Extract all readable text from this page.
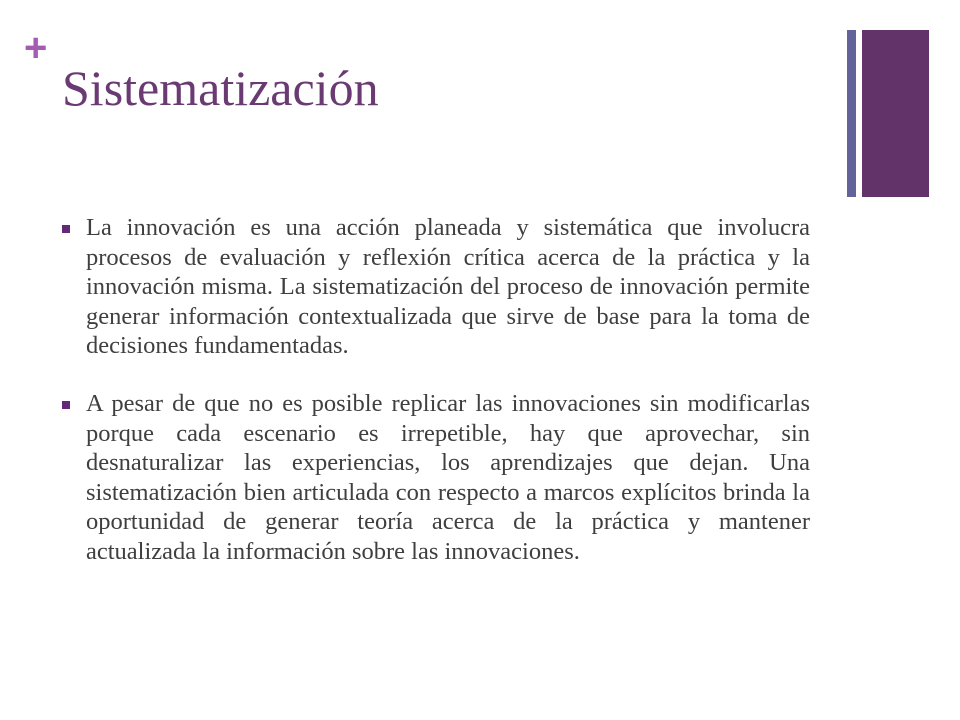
+
Sistematización
La innovación es una acción planeada y sistemática que involucra procesos de evaluación y reflexión crítica acerca de la práctica y la innovación misma. La sistematización del proceso de innovación permite generar información contextualizada que sirve de base para la toma de decisiones fundamentadas.
A pesar de que no es posible replicar las innovaciones sin modificarlas porque cada escenario es irrepetible, hay que aprovechar, sin desnaturalizar las experiencias, los aprendizajes que dejan. Una sistematización bien articulada con respecto a marcos explícitos brinda la oportunidad de generar teoría acerca de la práctica y mantener actualizada la información sobre las innovaciones.
